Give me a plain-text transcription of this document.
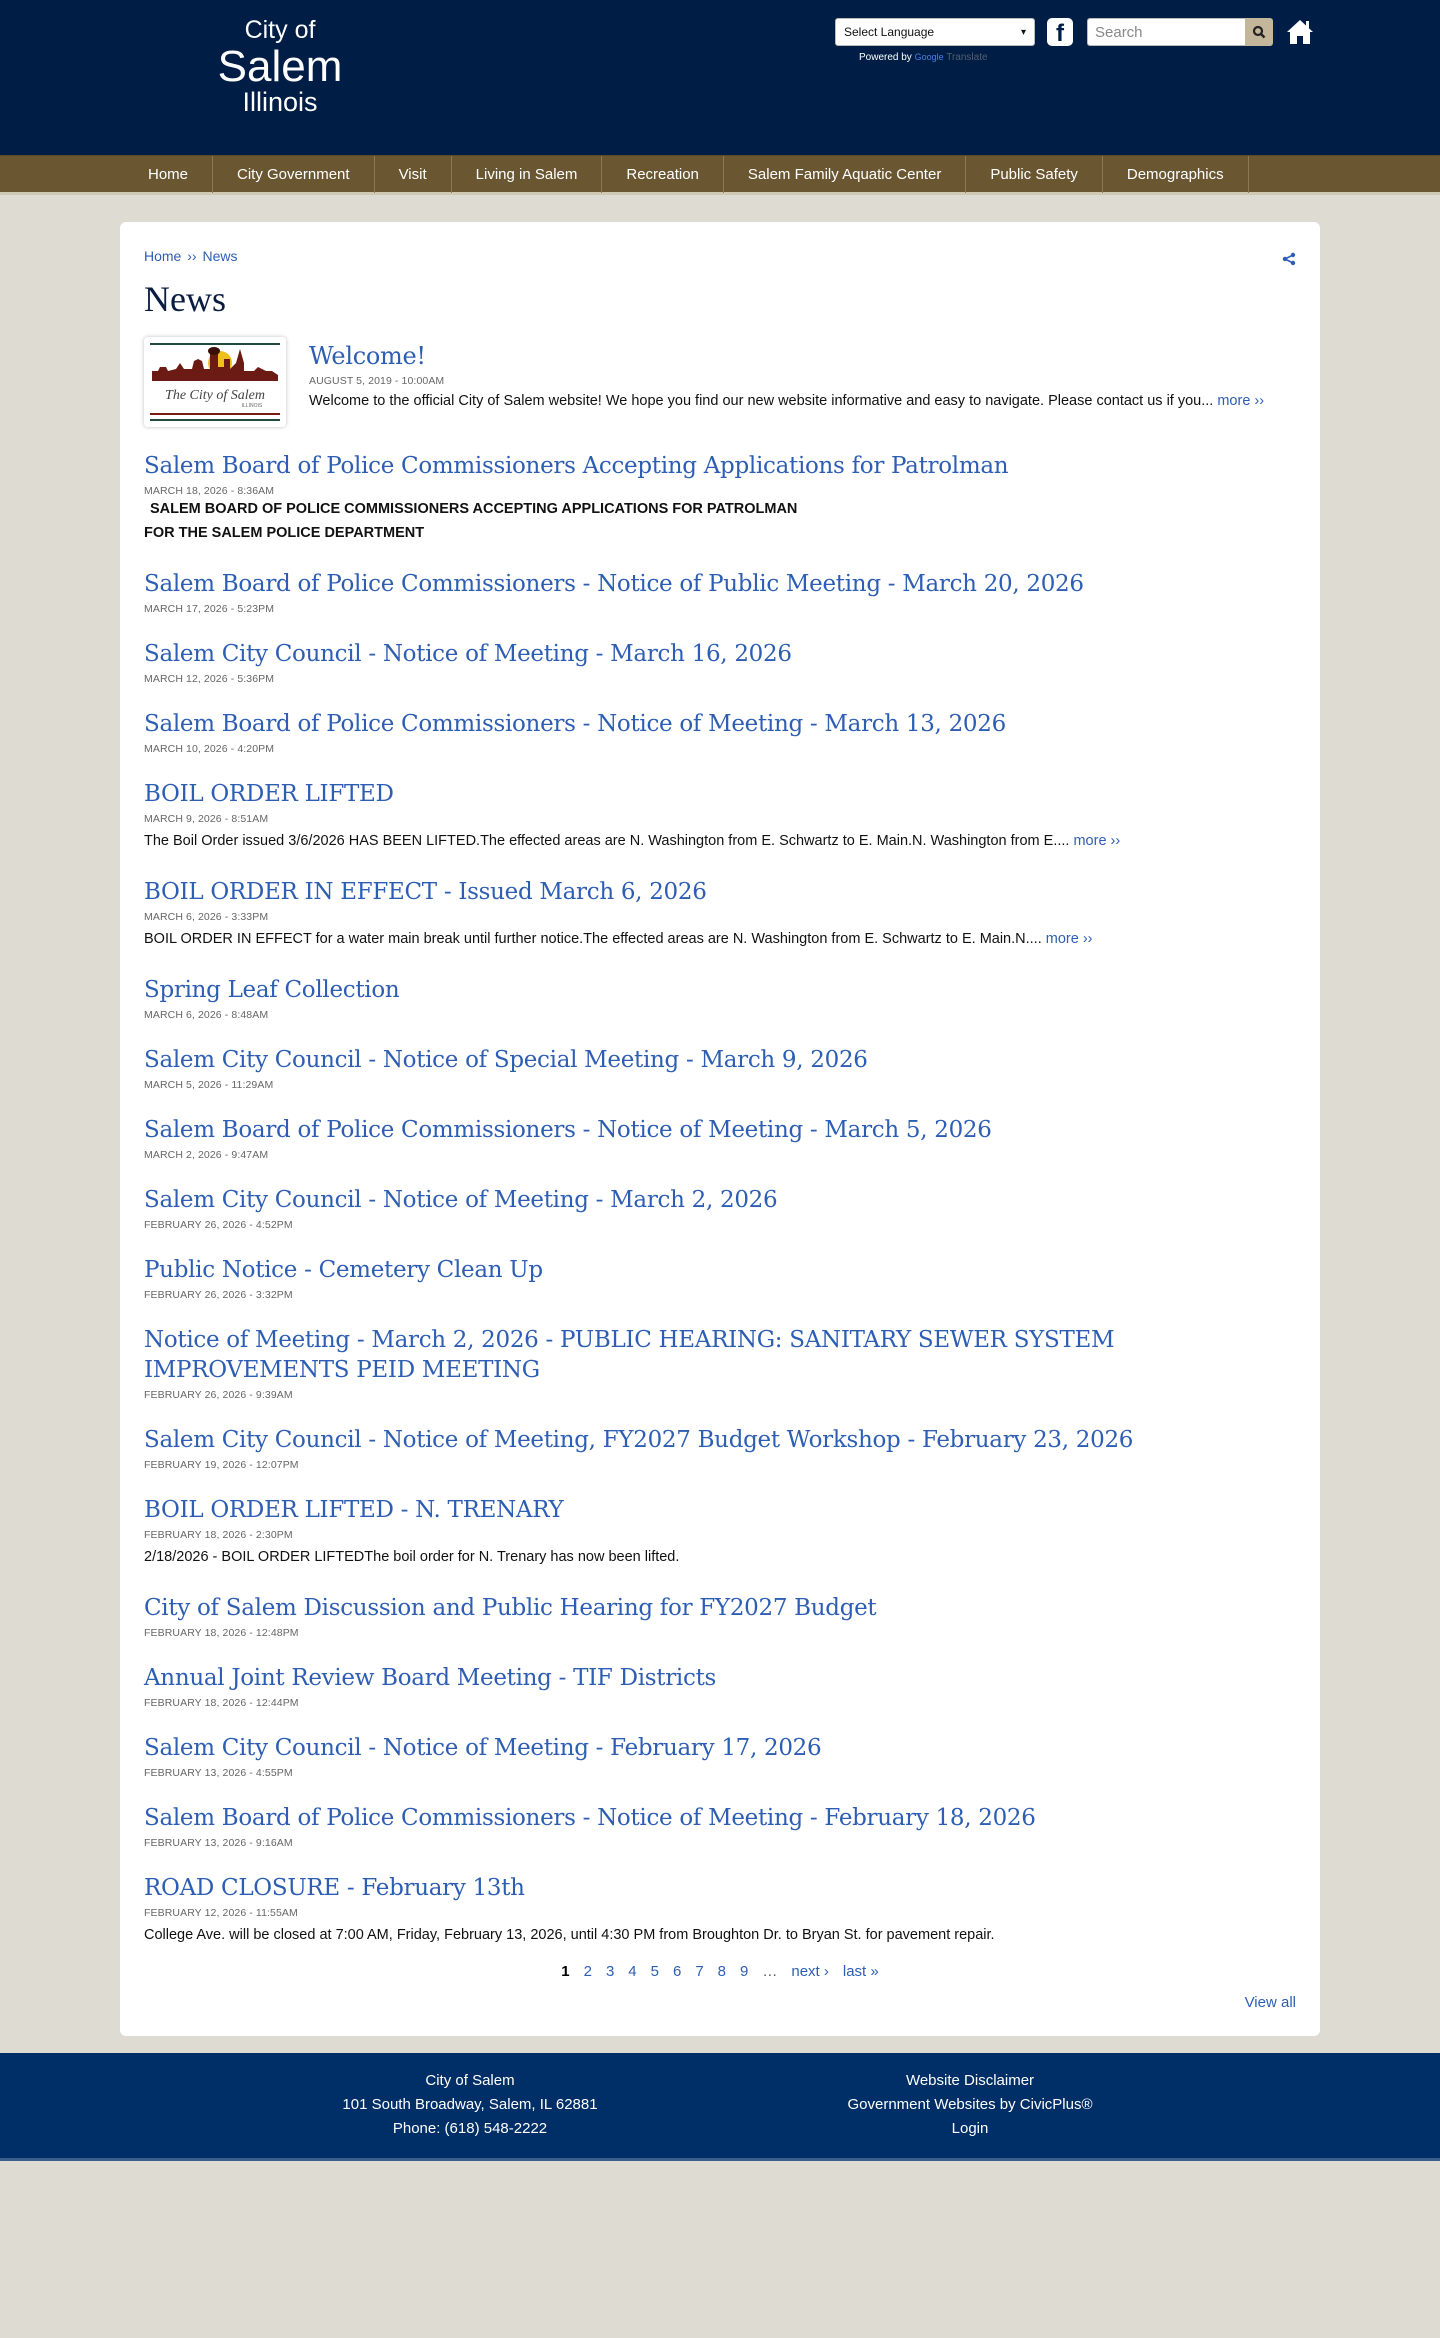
City of
Salem
Illinois
Select Language	▾
Powered by Google Translate
f	Search
Home	City Government	Visit	Living in Salem	Recreation	Salem Family Aquatic Center	Public Safety	Demographics
Home ›› News
News
The City of Salem
ILLINOIS
Welcome!
AUGUST 5, 2019 - 10:00AM
Welcome to the official City of Salem website! We hope you find our new website informative and easy to navigate. Please contact us if you... more ››
Salem Board of Police Commissioners Accepting Applications for Patrolman
MARCH 18, 2026 - 8:36AM
SALEM BOARD OF POLICE COMMISSIONERS ACCEPTING APPLICATIONS FOR PATROLMAN
FOR THE SALEM POLICE DEPARTMENT
Salem Board of Police Commissioners - Notice of Public Meeting - March 20, 2026
MARCH 17, 2026 - 5:23PM
Salem City Council - Notice of Meeting - March 16, 2026
MARCH 12, 2026 - 5:36PM
Salem Board of Police Commissioners - Notice of Meeting - March 13, 2026
MARCH 10, 2026 - 4:20PM
BOIL ORDER LIFTED
MARCH 9, 2026 - 8:51AM
The Boil Order issued 3/6/2026 HAS BEEN LIFTED.The effected areas are N. Washington from E. Schwartz to E. Main.N. Washington from E.... more ››
BOIL ORDER IN EFFECT - Issued March 6, 2026
MARCH 6, 2026 - 3:33PM
BOIL ORDER IN EFFECT for a water main break until further notice.The effected areas are N. Washington from E. Schwartz to E. Main.N.... more ››
Spring Leaf Collection
MARCH 6, 2026 - 8:48AM
Salem City Council - Notice of Special Meeting - March 9, 2026
MARCH 5, 2026 - 11:29AM
Salem Board of Police Commissioners - Notice of Meeting - March 5, 2026
MARCH 2, 2026 - 9:47AM
Salem City Council - Notice of Meeting - March 2, 2026
FEBRUARY 26, 2026 - 4:52PM
Public Notice - Cemetery Clean Up
FEBRUARY 26, 2026 - 3:32PM
Notice of Meeting - March 2, 2026 - PUBLIC HEARING: SANITARY SEWER SYSTEM IMPROVEMENTS PEID MEETING
FEBRUARY 26, 2026 - 9:39AM
Salem City Council - Notice of Meeting, FY2027 Budget Workshop - February 23, 2026
FEBRUARY 19, 2026 - 12:07PM
BOIL ORDER LIFTED - N. TRENARY
FEBRUARY 18, 2026 - 2:30PM
2/18/2026 - BOIL ORDER LIFTEDThe boil order for N. Trenary has now been lifted.
City of Salem Discussion and Public Hearing for FY2027 Budget
FEBRUARY 18, 2026 - 12:48PM
Annual Joint Review Board Meeting - TIF Districts
FEBRUARY 18, 2026 - 12:44PM
Salem City Council - Notice of Meeting - February 17, 2026
FEBRUARY 13, 2026 - 4:55PM
Salem Board of Police Commissioners - Notice of Meeting - February 18, 2026
FEBRUARY 13, 2026 - 9:16AM
ROAD CLOSURE - February 13th
FEBRUARY 12, 2026 - 11:55AM
College Ave. will be closed at 7:00 AM, Friday, February 13, 2026, until 4:30 PM from Broughton Dr. to Bryan St. for pavement repair.
1 2 3 4 5 6 7 8 9 … next › last »
View all
City of Salem
101 South Broadway, Salem, IL 62881
Phone: (618) 548-2222
Website Disclaimer
Government Websites by CivicPlus®
Login
